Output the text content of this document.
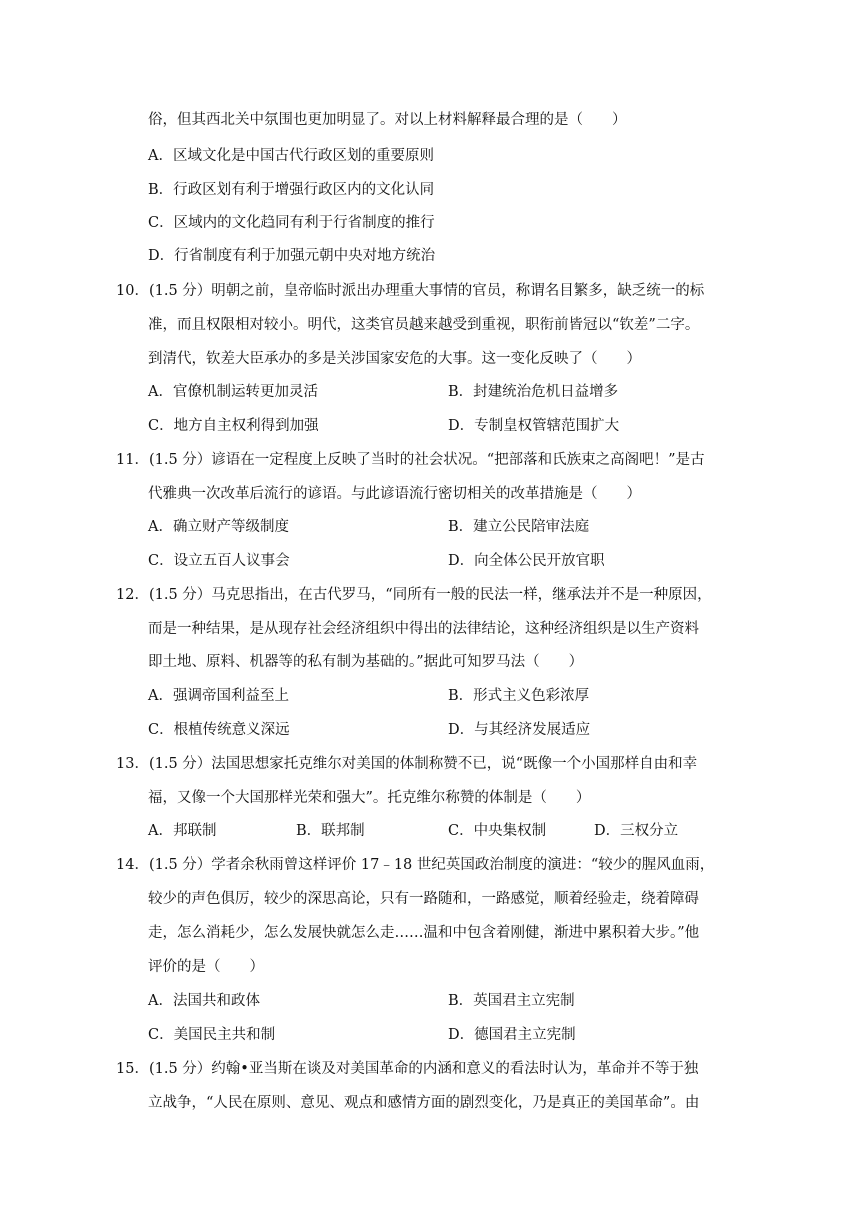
俗，但其西北关中氛围也更加明显了。对以上材料解释最合理的是（　　）
A．区域文化是中国古代行政区划的重要原则
B．行政区划有利于增强行政区内的文化认同
C．区域内的文化趋同有利于行省制度的推行
D．行省制度有利于加强元朝中央对地方统治
10．(1.5 分）明朝之前，皇帝临时派出办理重大事情的官员，称谓名目繁多，缺乏统一的标
准，而且权限相对较小。明代，这类官员越来越受到重视，职衔前皆冠以“钦差”二字。
到清代，钦差大臣承办的多是关涉国家安危的大事。这一变化反映了（　　）
A．官僚机制运转更加灵活	B．封建统治危机日益增多
C．地方自主权利得到加强	D．专制皇权管辖范围扩大
11．(1.5 分）谚语在一定程度上反映了当时的社会状况。“把部落和氏族束之高阁吧！”是古
代雅典一次改革后流行的谚语。与此谚语流行密切相关的改革措施是（　　）
A．确立财产等级制度	B．建立公民陪审法庭
C．设立五百人议事会	D．向全体公民开放官职
12．(1.5 分）马克思指出，在古代罗马，“同所有一般的民法一样，继承法并不是一种原因，
而是一种结果，是从现存社会经济组织中得出的法律结论，这种经济组织是以生产资料
即土地、原料、机器等的私有制为基础的。”据此可知罗马法（　　）
A．强调帝国利益至上	B．形式主义色彩浓厚
C．根植传统意义深远	D．与其经济发展适应
13．(1.5 分）法国思想家托克维尔对美国的体制称赞不已，说“既像一个小国那样自由和幸
福，又像一个大国那样光荣和强大”。托克维尔称赞的体制是（　　）
A．邦联制	B．联邦制	C．中央集权制	D．三权分立
14．(1.5 分）学者余秋雨曾这样评价 17﹣18 世纪英国政治制度的演进：“较少的腥风血雨，
较少的声色俱厉，较少的深思高论，只有一路随和，一路感觉，顺着经验走，绕着障碍
走，怎么消耗少，怎么发展快就怎么走……温和中包含着刚健，渐进中累积着大步。”他
评价的是（　　）
A．法国共和政体	B．英国君主立宪制
C．美国民主共和制	D．德国君主立宪制
15．(1.5 分）约翰•亚当斯在谈及对美国革命的内涵和意义的看法时认为，革命并不等于独
立战争，“人民在原则、意见、观点和感情方面的剧烈变化，乃是真正的美国革命”。由
